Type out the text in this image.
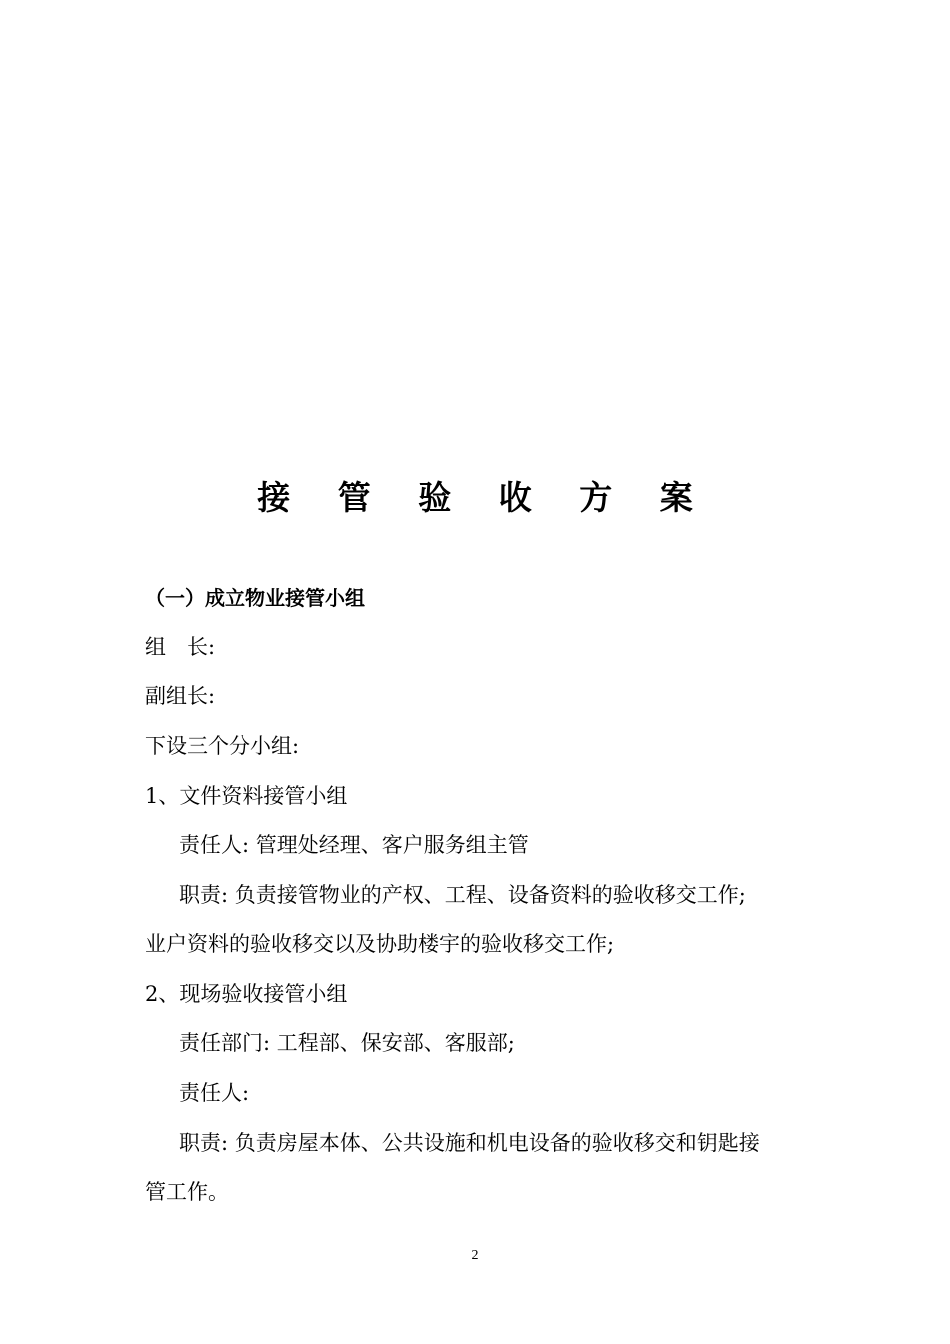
接 管 验 收 方 案
（一）成立物业接管小组
组　长:
副组长:
下设三个分小组:
1、文件资料接管小组
责任人: 管理处经理、客户服务组主管
职责: 负责接管物业的产权、工程、设备资料的验收移交工作;
业户资料的验收移交以及协助楼宇的验收移交工作;
2、现场验收接管小组
责任部门: 工程部、保安部、客服部;
责任人:
职责: 负责房屋本体、公共设施和机电设备的验收移交和钥匙接
管工作。
2
